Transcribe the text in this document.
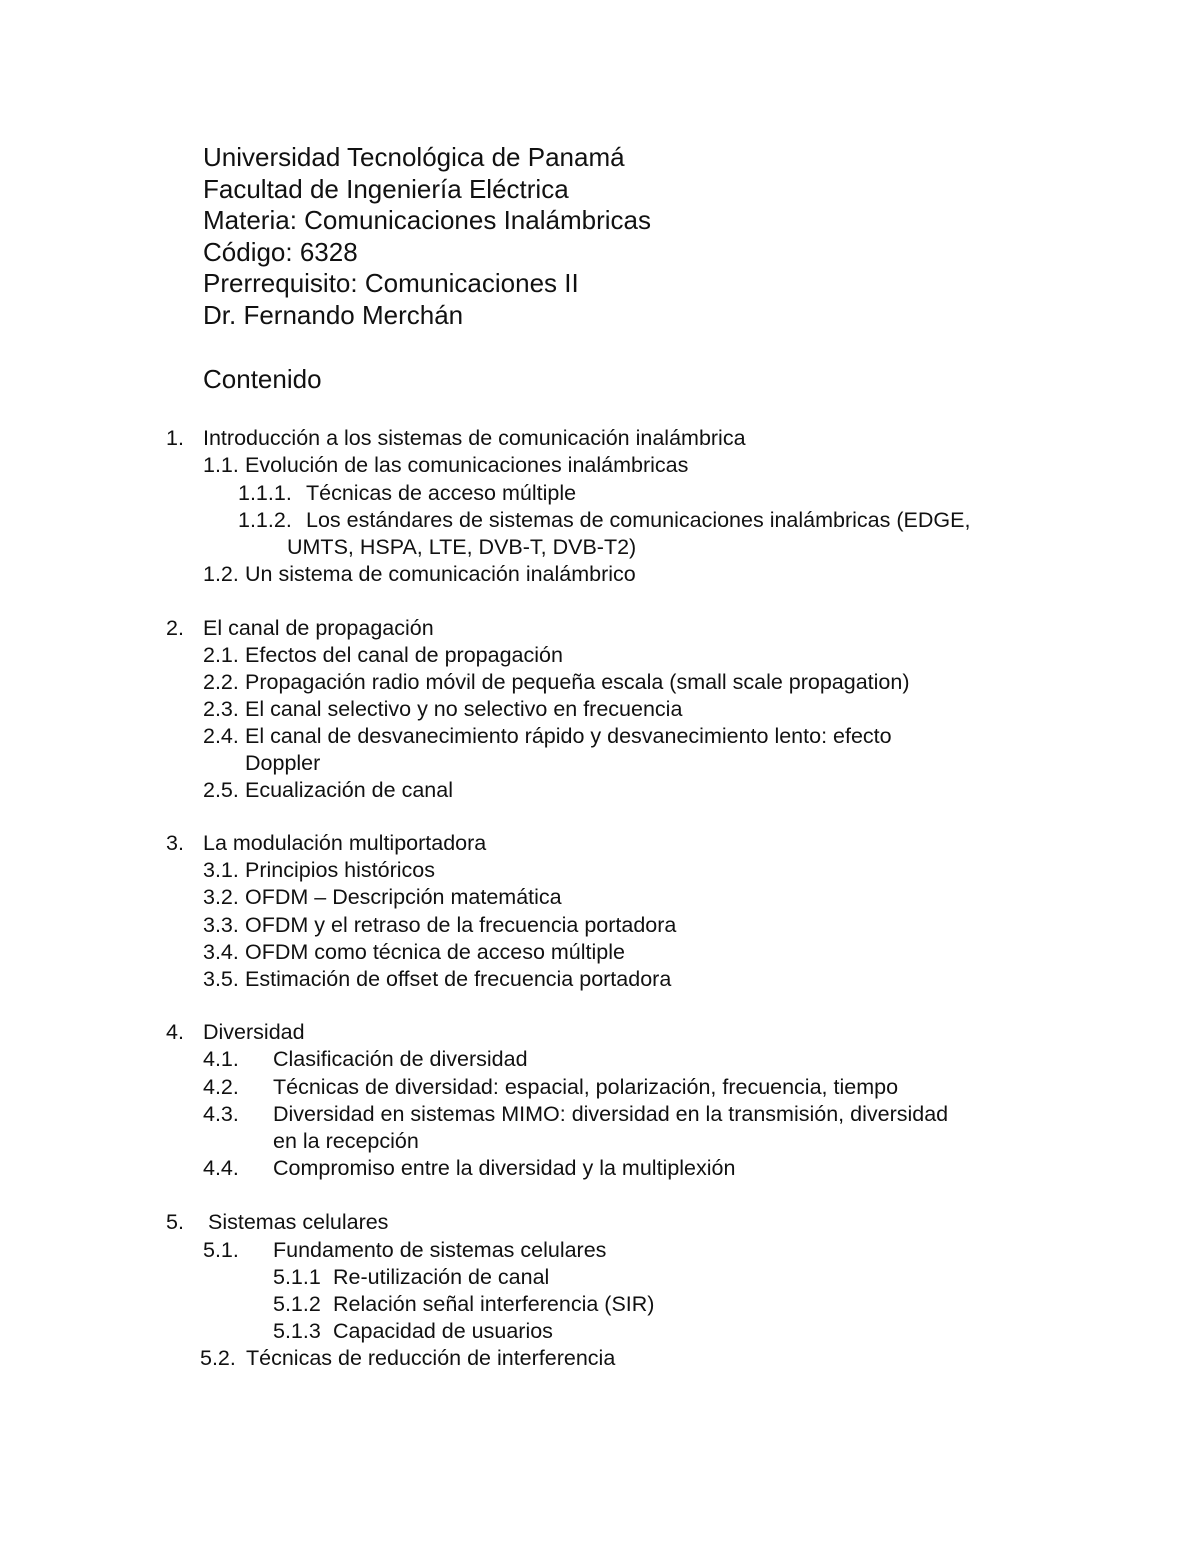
Universidad Tecnológica de Panamá
Facultad de Ingeniería Eléctrica
Materia: Comunicaciones Inalámbricas
Código: 6328
Prerrequisito: Comunicaciones II
Dr. Fernando Merchán
Contenido
1. Introducción a los sistemas de comunicación inalámbrica
1.1. Evolución de las comunicaciones inalámbricas
1.1.1. Técnicas de acceso múltiple
1.1.2. Los estándares de sistemas de comunicaciones inalámbricas (EDGE,
UMTS, HSPA, LTE, DVB-T, DVB-T2)
1.2. Un sistema de comunicación inalámbrico
2. El canal de propagación
2.1. Efectos del canal de propagación
2.2. Propagación radio móvil de pequeña escala (small scale propagation)
2.3. El canal selectivo y no selectivo en frecuencia
2.4. El canal de desvanecimiento rápido y desvanecimiento lento: efecto
Doppler
2.5. Ecualización de canal
3. La modulación multiportadora
3.1. Principios históricos
3.2. OFDM – Descripción matemática
3.3. OFDM y el retraso de la frecuencia portadora
3.4. OFDM como técnica de acceso múltiple
3.5. Estimación de offset de frecuencia portadora
4. Diversidad
4.1. Clasificación de diversidad
4.2. Técnicas de diversidad: espacial, polarización, frecuencia, tiempo
4.3. Diversidad en sistemas MIMO: diversidad en la transmisión, diversidad
en la recepción
4.4. Compromiso entre la diversidad y la multiplexión
5. Sistemas celulares
5.1. Fundamento de sistemas celulares
5.1.1 Re-utilización de canal
5.1.2 Relación señal interferencia (SIR)
5.1.3 Capacidad de usuarios
5.2. Técnicas de reducción de interferencia
